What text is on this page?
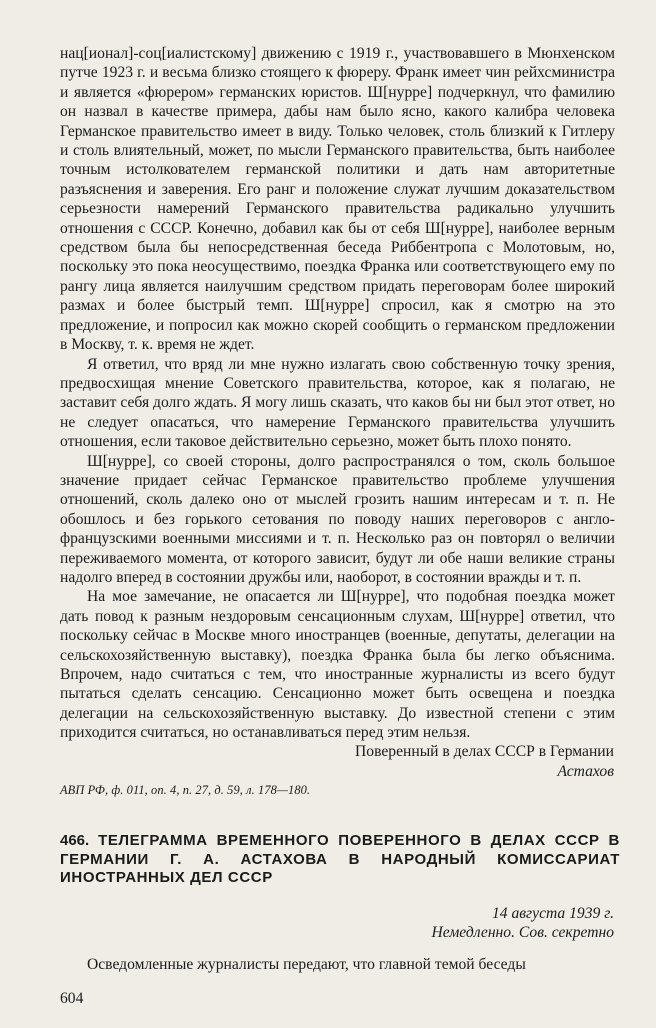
нац[ионал]-соц[иалистскому] движению с 1919 г., участвовавшего в Мюнхенском путче 1923 г. и весьма близко стоящего к фюреру. Франк имеет чин рейхсминистра и является «фюрером» германских юристов. Ш[нурре] подчеркнул, что фамилию он назвал в качестве примера, дабы нам было ясно, какого калибра человека Германское правительство имеет в виду. Только человек, столь близкий к Гитлеру и столь влиятельный, может, по мысли Германского правительства, быть наиболее точным истолкователем германской политики и дать нам авторитетные разъяснения и заверения. Его ранг и положение служат лучшим доказательством серьезности намерений Германского правительства радикально улучшить отношения с СССР. Конечно, добавил как бы от себя Ш[нурре], наиболее верным средством была бы непосредственная беседа Риббентропа с Молотовым, но, поскольку это пока неосуществимо, поездка Франка или соответствующего ему по рангу лица является наилучшим средством придать переговорам более широкий размах и более быстрый темп. Ш[нурре] спросил, как я смотрю на это предложение, и попросил как можно скорей сообщить о германском предложении в Москву, т. к. время не ждет.

Я ответил, что вряд ли мне нужно излагать свою собственную точку зрения, предвосхищая мнение Советского правительства, которое, как я полагаю, не заставит себя долго ждать. Я могу лишь сказать, что каков бы ни был этот ответ, но не следует опасаться, что намерение Германского правительства улучшить отношения, если таковое действительно серьезно, может быть плохо понято.

Ш[нурре], со своей стороны, долго распространялся о том, сколь большое значение придает сейчас Германское правительство проблеме улучшения отношений, сколь далеко оно от мыслей грозить нашим интересам и т. п. Не обошлось и без горького сетования по поводу наших переговоров с англо-французскими военными миссиями и т. п. Несколько раз он повторял о величии переживаемого момента, от которого зависит, будут ли обе наши великие страны надолго вперед в состоянии дружбы или, наоборот, в состоянии вражды и т. п.

На мое замечание, не опасается ли Ш[нурре], что подобная поездка может дать повод к разным нездоровым сенсационным слухам, Ш[нурре] ответил, что поскольку сейчас в Москве много иностранцев (военные, депутаты, делегации на сельскохозяйственную выставку), поездка Франка была бы легко объяснима. Впрочем, надо считаться с тем, что иностранные журналисты из всего будут пытаться сделать сенсацию. Сенсационно может быть освещена и поездка делегации на сельскохозяйственную выставку. До известной степени с этим приходится считаться, но останавливаться перед этим нельзя.

Поверенный в делах СССР в Германии
Астахов
АВП РФ, ф. 011, оп. 4, п. 27, д. 59, л. 178—180.
466. ТЕЛЕГРАММА ВРЕМЕННОГО ПОВЕРЕННОГО В ДЕЛАХ СССР В ГЕРМАНИИ Г. А. АСТАХОВА В НАРОДНЫЙ КОМИССАРИАТ ИНОСТРАННЫХ ДЕЛ СССР
14 августа 1939 г.
Немедленно. Сов. секретно

Осведомленные журналисты передают, что главной темой беседы

604
